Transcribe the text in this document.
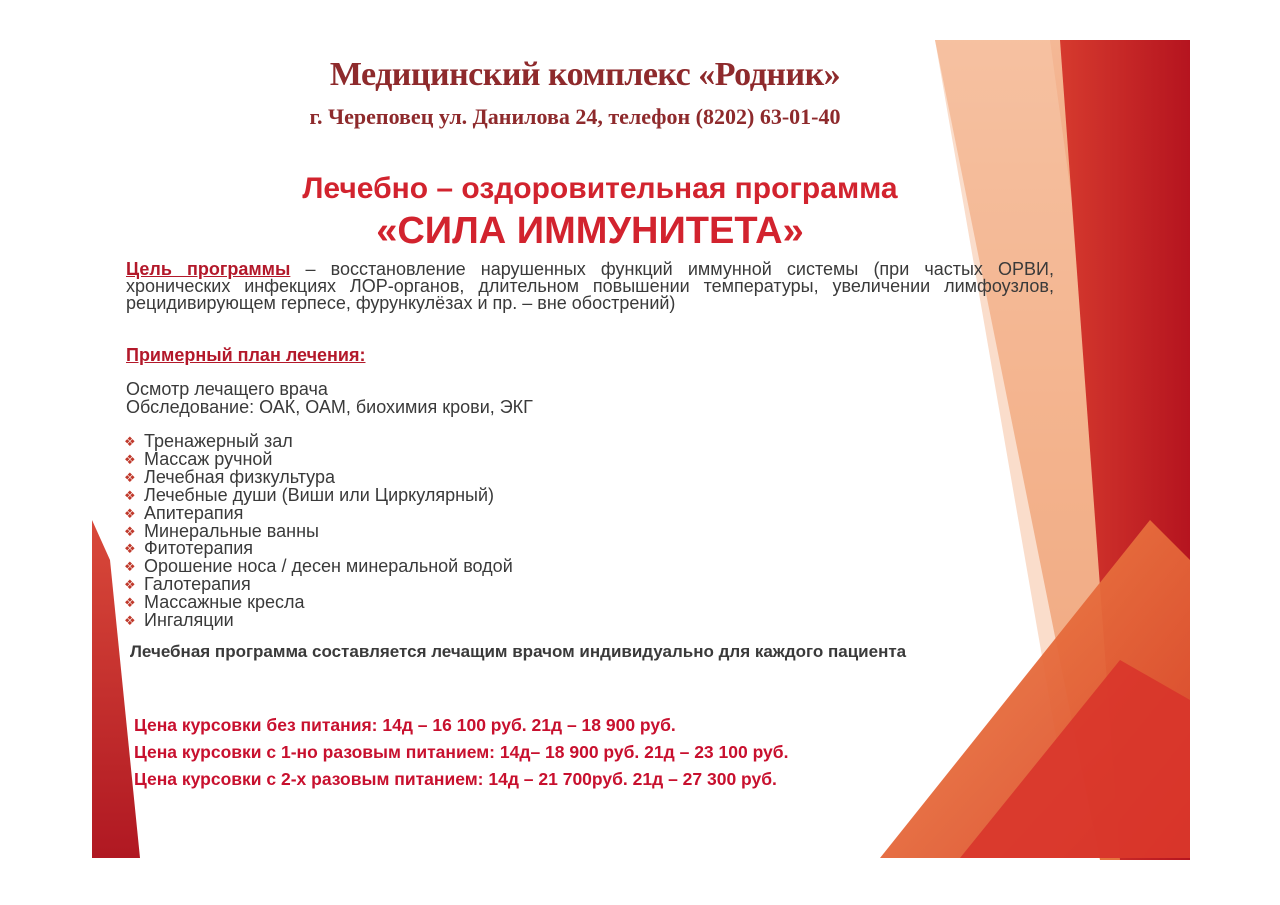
Медицинский комплекс «Родник»
г. Череповец ул. Данилова 24, телефон (8202) 63-01-40
Лечебно – оздоровительная программа
«СИЛА ИММУНИТЕТА»
Цель программы – восстановление нарушенных функций иммунной системы (при частых ОРВИ, хронических инфекциях ЛОР-органов, длительном повышении температуры, увеличении лимфоузлов, рецидивирующем герпесе, фурункулёзах и пр. – вне обострений)
Примерный план лечения:
Осмотр лечащего врача
Обследование: ОАК, ОАМ, биохимия крови, ЭКГ
❖ Тренажерный зал
❖ Массаж ручной
❖ Лечебная физкультура
❖ Лечебные души (Виши или Циркулярный)
❖ Апитерапия
❖ Минеральные ванны
❖ Фитотерапия
❖ Орошение носа / десен минеральной водой
❖ Галотерапия
❖ Массажные кресла
❖ Ингаляции
Лечебная программа составляется лечащим врачом индивидуально для каждого пациента
Цена курсовки без питания: 14д – 16 100 руб. 21д – 18 900 руб.
Цена курсовки с 1-но разовым питанием: 14д– 18 900 руб. 21д – 23 100 руб.
Цена курсовки с 2-х разовым питанием: 14д – 21 700руб. 21д – 27 300 руб.
